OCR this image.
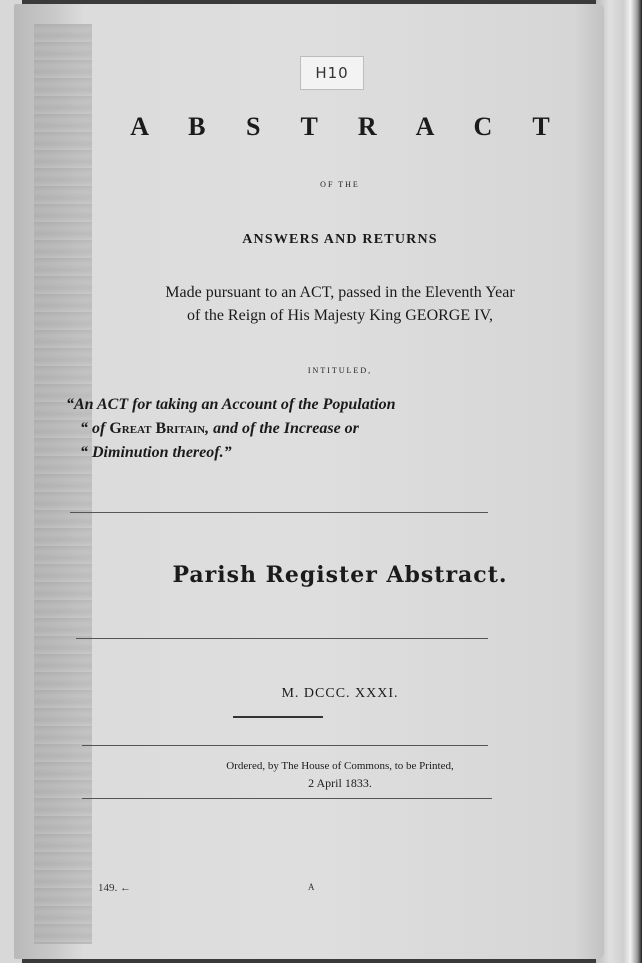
H10
A B S T R A C T
OF THE
ANSWERS AND RETURNS
Made pursuant to an ACT, passed in the Eleventh Year
of the Reign of His Majesty King GEORGE IV,
INTITULED,
“An ACT for taking an Account of the Population
“ of Great Britain, and of the Increase or
“ Diminution thereof.”
Parish Register Abstract.
M. DCCC. XXXI.
Ordered, by The House of Commons, to be Printed,
2 April 1833.
149. ←	A
